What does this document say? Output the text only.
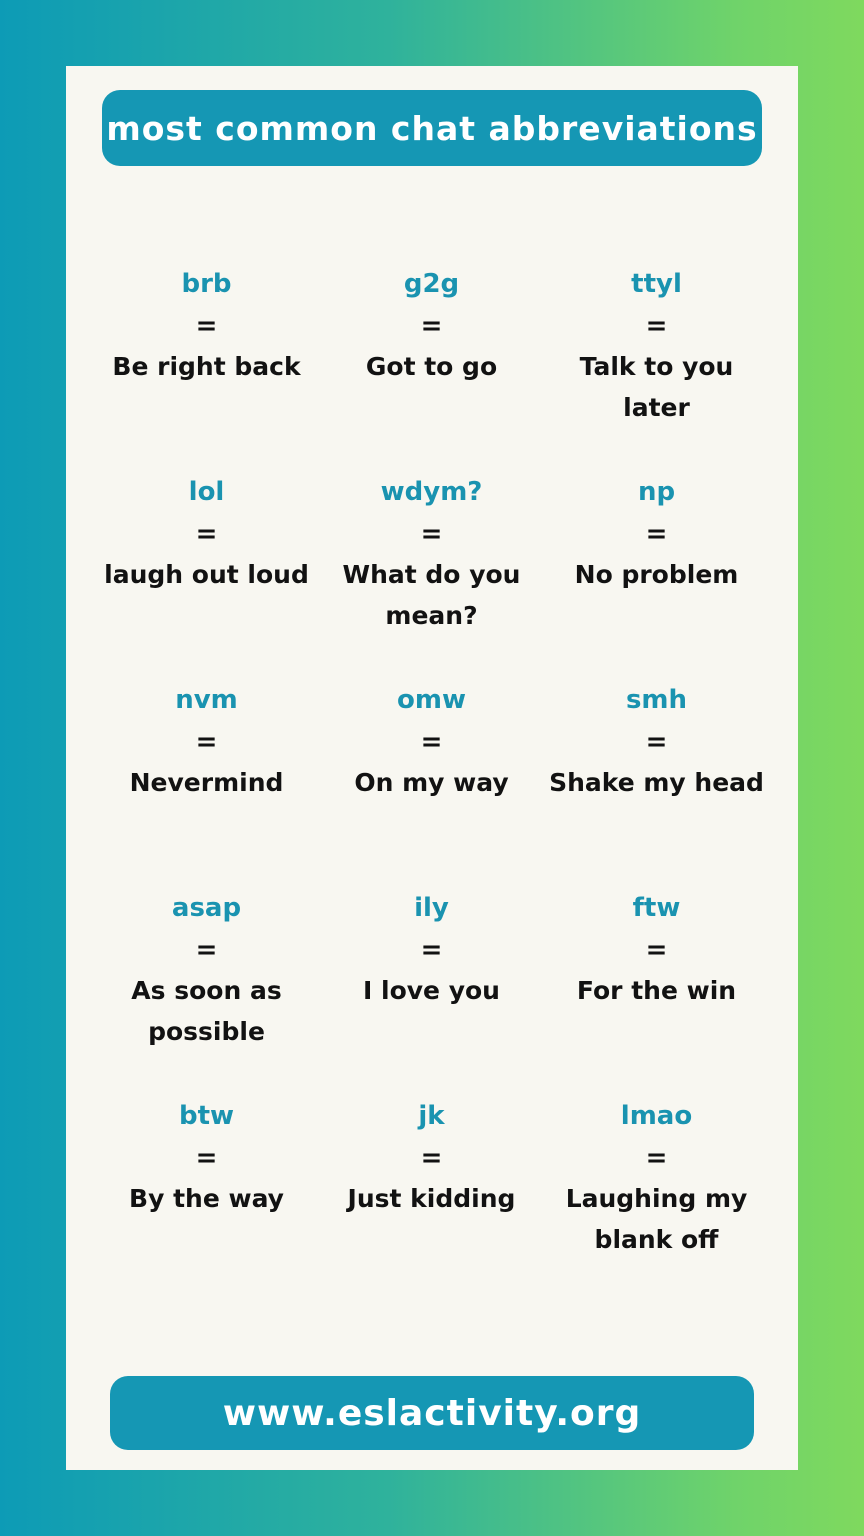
most common chat abbreviations
brb
=
Be right back
g2g
=
Got to go
ttyl
=
Talk to you later
lol
=
laugh out loud
wdym?
=
What do you mean?
np
=
No problem
nvm
=
Nevermind
omw
=
On my way
smh
=
Shake my head
asap
=
As soon as possible
ily
=
I love you
ftw
=
For the win
btw
=
By the way
jk
=
Just kidding
lmao
=
Laughing my blank off
www.eslactivity.org
